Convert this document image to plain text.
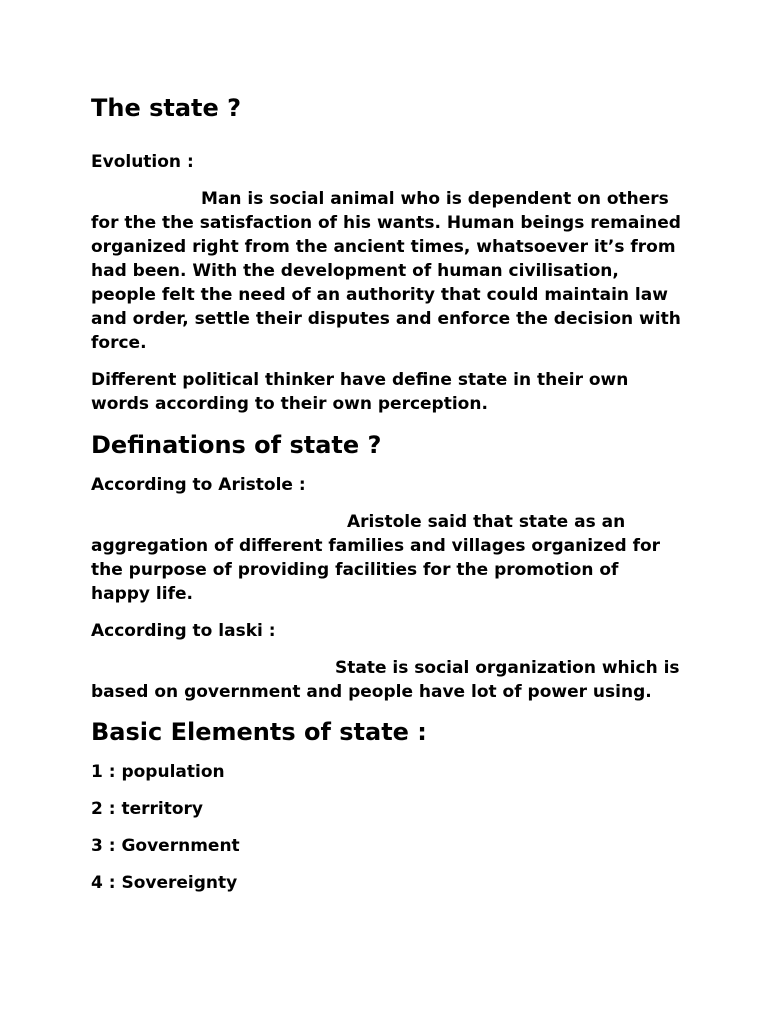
The state ?

Evolution :

Man is social animal who is dependent on others for the the satisfaction of his wants. Human beings remained organized right from the ancient times, whatsoever it’s from had been. With the development of human civilisation, people felt the need of an authority that could maintain law and order, settle their disputes and enforce the decision with force.

Different political thinker have define state in their own words according to their own perception.

Definations of state ?

According to Aristole :

Aristole said that state as an aggregation of different families and villages organized for the purpose of providing facilities for the promotion of happy life.

According to laski :

State is social organization which is based on government and people have lot of power using.

Basic Elements of state :

1 : population

2 : territory

3 : Government

4 : Sovereignty
